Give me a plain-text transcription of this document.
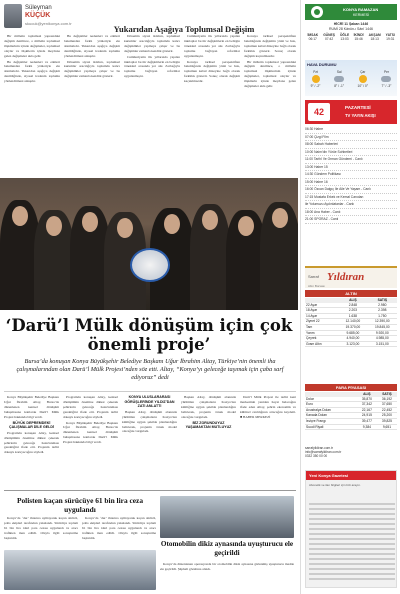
Süleyman
KÜÇÜK
skucuk@yenikonya.com.tr
Yukarıdan Aşağıya Toplumsal Değişim

Bir milletin toplumsal yapısındaki değişim denilince, o milletin toplumsal ilişkilerinin içinde değişmeler, toplumsal olaylar ve ilişkilerin içinde meydana gelen değişmeler akla gelir.

Bu değişimler nedenleri ve etkileri bakımından farklı yönleriyle ele alınmalıdır. Yukarıdan aşağıya değişim denildiğinde, siyasal iradenin toplumu yönlendirmesi anlaşılır.

Bu değişimler nedenleri ve etkileri bakımından farklı yönleriyle ele alınmalıdır. Yukarıdan aşağıya değişim denildiğinde, siyasal iradenin toplumu yönlendirmesi anlaşılır.

Dönemin siyasi iktidarı, toplumsal kurumlar aracılığıyla toplumda kalıcı değişiklikler yapmaya çalışır ve bu değişimler zamanla kendini gösterir.

Dönemin siyasi iktidarı, toplumsal kurumlar aracılığıyla toplumda kalıcı değişiklikler yapmaya çalışır ve bu değişimler zamanla kendini gösterir.

Cumhuriyetin ilk yıllarında yapılan inkılaplar bu tür değişimlerin en belirgin örnekleri arasında yer alır. Zarbağıyla toplumu bağlayan reformlar uygulanmıştır.

Cumhuriyetin ilk yıllarında yapılan inkılaplar bu tür değişimlerin en belirgin örnekleri arasında yer alır. Zarbağıyla toplumu bağlayan reformlar uygulanmıştır.

Konuya tarihsel perspektiften bakıldığında değişimin yönü ve hızı, toplumun kabul düzeyine bağlı olarak farklılık gösterir. Sonuç olarak değişim kaçınılmazdır.

Konuya tarihsel perspektiften bakıldığında değişimin yönü ve hızı, toplumun kabul düzeyine bağlı olarak farklılık gösterir. Sonuç olarak değişim kaçınılmazdır.

Bir milletin toplumsal yapısındaki değişim denilince, o milletin toplumsal ilişkilerinin içinde değişmeler, toplumsal olaylar ve ilişkilerin içinde meydana gelen değişmeler akla gelir.

‘Darü’l Mülk dönüşüm için çok önemli proje’
Bursa’da konuşan Konya Büyükşehir Belediye Başkanı Uğur İbrahim Altay, Türkiye’nin önemli iha çalışmalarından olan Darü’l Mülk Projesi’nden söz etti. Altay, “Konya’yı geleceğe taşımak için çaba sarf ediyoruz” dedi

Konya Büyükşehir Belediye Başkanı Uğur İbrahim Altay, Bursa’da düzenlenen kentsel dönüşüm buluşmasına katılarak Darü’l Mülk Projesi hakkında bilgi verdi.

BÜYÜK DEPREMDEKİ ÇALIŞMALAR DİLE GELDİ

Programda konuşan Altay, kentsel dönüşümün önemine dikkat çekerek şehirlerin geleceğe hazırlanması gerektiğini ifade etti. Projenin tarihi dokuyu koruyacağını söyledi.

Programda konuşan Altay, kentsel dönüşümün önemine dikkat çekerek şehirlerin geleceğe hazırlanması gerektiğini ifade etti. Projenin tarihi dokuyu koruyacağını söyledi.

Konya Büyükşehir Belediye Başkanı Uğur İbrahim Altay, Bursa’da düzenlenen kentsel dönüşüm buluşmasına katılarak Darü’l Mülk Projesi hakkında bilgi verdi.

KONYA ULUSLARARASI GÖRÜŞLERİNDE YILDIZ’DAN ZATI ANLATTI

Başkan Altay, dönüşüm alanında yürütülen çalışmaların Konya’nın kimliğine uygun şekilde planlandığını belirterek, projenin örnek model olacağını vurguladı.

Başkan Altay, dönüşüm alanında yürütülen çalışmaların Konya’nın kimliğine uygun şekilde planlandığını belirterek, projenin örnek model olacağını vurguladı.

BİZ ZORUNDUYUZ YAŞAMAKTAN MUTLUYUZ

Darü’l Mülk Projesi ile tarihi kent merkezinin yeniden hayat bulacağını ifade eden Altay, şehrin ekonomik ve kültürel canlılığının artacağını kaydetti. ■ HABER MERKEZİ

Polisten kaçan sürücüye 61 bin lira ceza uygulandı

Konya’da ‘dur’ ihtarına uymayarak kaçan sürücü, polis ekipleri tarafından yakalandı. Sürücüye toplam 61 bin lira idari para cezası uygulandı ve aracı trafikten men edildi. Olayla ilgili soruşturma başlatıldı.

Konya’da ‘dur’ ihtarına uymayarak kaçan sürücü, polis ekipleri tarafından yakalandı. Sürücüye toplam 61 bin lira idari para cezası uygulandı ve aracı trafikten men edildi. Olayla ilgili soruşturma başlatıldı.

Otomobilin dikiz aynasında uyuşturucu ele geçirildi

Konya’da düzenlenen operasyonda bir otomobilin dikiz aynasına gizlenmiş uyuşturucu madde ele geçirildi. Şüpheli gözaltına alındı.

KONYA RAMAZAN
KERMESİ
HİCRİ 11 Şaban 1446
RUMİ 28 Kânûn-ı Sânî 1446
İMSAK	GÜNEŞ	ÖĞLE	İKİNDİ	AKŞAM	YATSI
06:17	07:42	13:03	15:46	18:13	19:31
HAVA DURUMU
Pzt
9° / -2°
Sal
8° / -1°
Çar
10° / 0°
Per
7° / -3°
42	PAZARTESİ
TV YAYIN AKIŞI
06:30 Habre
07:00 Çizgi Film
08:00 Sabah Haberleri
10:00 Naim’din Yürüe Sohbetleri
11:00 Tarihî Ve Orman Gündemi - Canlı
13:00 Haber 15
14:30 Gündem Politikası
15:00 Habre 16
16:00 Özcan Dalgıç İle Aile Ve Yaşam - Canlı
17:15 Mustafa Erkek ve Kemal Canıdan
ile Yolumuzu Aydınlatanlar - Canlı
18:00 Ana Haber - Canlı
21:00 SPORAZ - Canlı
Sarraf Yıldıran
Altın Borsası
ALTIN
	ALIŞ	SATIŞ
22 Ayar	2.848	2.980
18 Ayar	2.203	2.398
14 Ayar	1.638	1.750
Ziynet 22	12.140,00	12.390,00
Tam	19.370,00	19.845,00
Yarım	9.685,00	9.920,00
Çeyrek	4.940,00	4.985,00
Gram Altın	3.123,00	3.151,00
PARA PİYASASI
	ALIŞ	SATIŞ
Dolar	35,870	36,192
Euro	37,342	37,650
Avustralya Doları	22,167	22,452
Kanada Doları	24,915	25,200
İsviçre Frangı	39,477	39,825
Suudi Riyali	9,384	9,651
sarrafyildiran.com.tr
info@sarrafyildiran.com.tr
0332 350 00 00
Yeni Konya Gazetesi
Abonelik ve ilan bilgileri için bizi arayın.
